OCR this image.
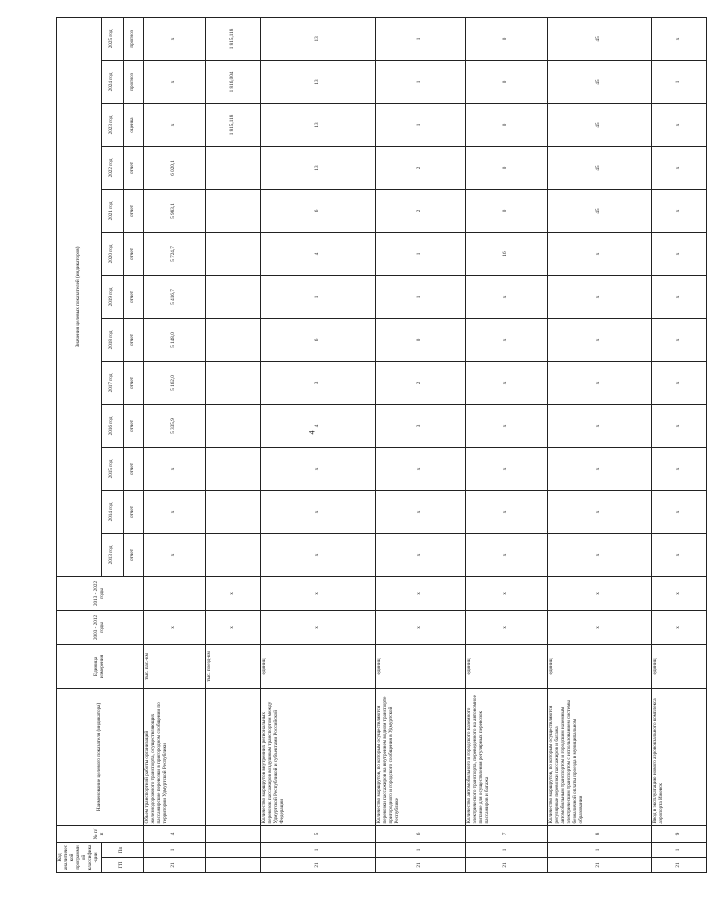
4
Код аналитической программной классифика-ции		№ п/п	Наименование целевого показателя (индикатора)	Единица измерения	2003 - 2012 годы	2013 - 2022 годы	Значения целевых показателей (индикаторов)												
ГП	Пп						2013 год	2014 год	2015 год	2016 год	2017 год	2018 год	2019 год	2020 год	2021 год	2022 год	2023 год	2024 год	2025 год
							отчет	отчет	отчет	отчет	отчет	отчет	отчет	отчет	отчет	отчет	оценка	прогноз	прогноз
21	1	4	Объем транспортной работы организаций железнодорожного транспорта, осуществляющих пассажирские перевозки в пригородном сообщении по территории Удмуртской Республики	тыс. пас.-км	x		x	x	x	5 335,9	5 162,0	5 148,0	5 416,7	5 724,7	5 983,1	6 020,1	x	x	x
				тыс. поезд-км	x	x											1 815,118	1 816,004	1 815,118
21	1	5	Количество маршрутов внутренних региональных перевозок пассажиров воздушным транспортом между Удмуртской Республикой и субъектами Российской Федерации	единиц	x	x	x	x	x	4	3	6	1	4	6	13	13	13	13
21	1	6	Количество маршрутов, по которым осуществляются перевозки пассажиров на внутреннем водном транспорте пригородного и городского сообщения в Удмуртской Республике	единиц	x	x	x	x	x	3	2	0	1	1	2	2	1	1	1
21	1	7	Количество автомобильного и городского наземного электрического транспорта, переведенного на автономное питание для осуществления регулярных перевозок пассажиров и багажа	единиц	x	x	x	x	x	x	x	x	x	16	0	0	0	0	0
21	1	8	Количество маршрутов, по которым осуществляются регулярные перевозки пассажиров и багажа автомобильным транспортом и городским наземным электрическим транспортом с использованием системы безналичной оплаты проезда в муниципальном образовании	единиц	x	x	x	x	x	x	x	x	x	x	45	45	45	45	45
21	1	9	Ввод в эксплуатацию нового аэровокзального комплекса аэропорта Ижевск	единиц	x	x	x	x	x	x	x	x	x	x	x	x	x	1	x
